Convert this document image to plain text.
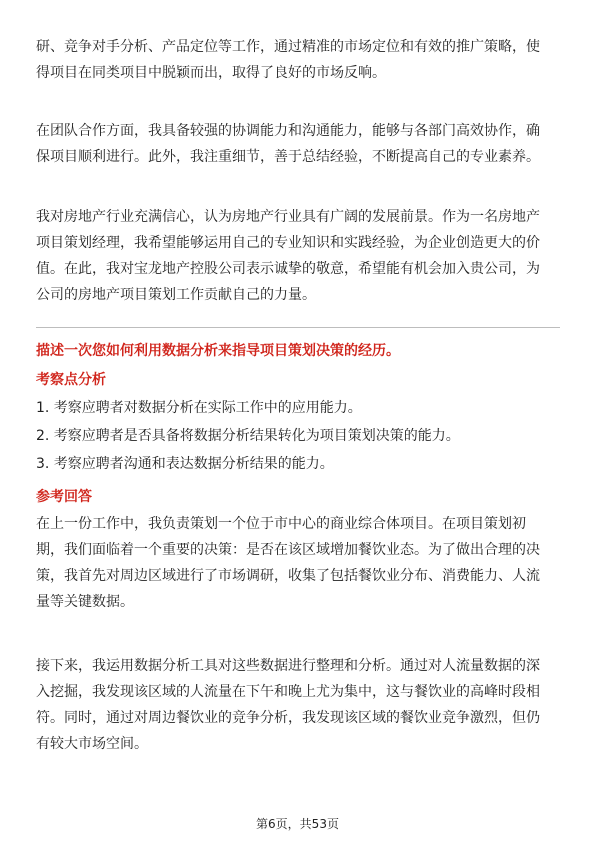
研、竞争对手分析、产品定位等工作，通过精准的市场定位和有效的推广策略，使
得项目在同类项目中脱颖而出，取得了良好的市场反响。

在团队合作方面，我具备较强的协调能力和沟通能力，能够与各部门高效协作，确
保项目顺利进行。此外，我注重细节，善于总结经验，不断提高自己的专业素养。

我对房地产行业充满信心，认为房地产行业具有广阔的发展前景。作为一名房地产
项目策划经理，我希望能够运用自己的专业知识和实践经验，为企业创造更大的价
值。在此，我对宝龙地产控股公司表示诚挚的敬意，希望能有机会加入贵公司，为
公司的房地产项目策划工作贡献自己的力量。

描述一次您如何利用数据分析来指导项目策划决策的经历。

考察点分析

1. 考察应聘者对数据分析在实际工作中的应用能力。

2. 考察应聘者是否具备将数据分析结果转化为项目策划决策的能力。

3. 考察应聘者沟通和表达数据分析结果的能力。

参考回答

在上一份工作中，我负责策划一个位于市中心的商业综合体项目。在项目策划初
期，我们面临着一个重要的决策：是否在该区域增加餐饮业态。为了做出合理的决
策，我首先对周边区域进行了市场调研，收集了包括餐饮业分布、消费能力、人流
量等关键数据。

接下来，我运用数据分析工具对这些数据进行整理和分析。通过对人流量数据的深
入挖掘，我发现该区域的人流量在下午和晚上尤为集中，这与餐饮业的高峰时段相
符。同时，通过对周边餐饮业的竞争分析，我发现该区域的餐饮业竞争激烈，但仍
有较大市场空间。

第6页，共53页
